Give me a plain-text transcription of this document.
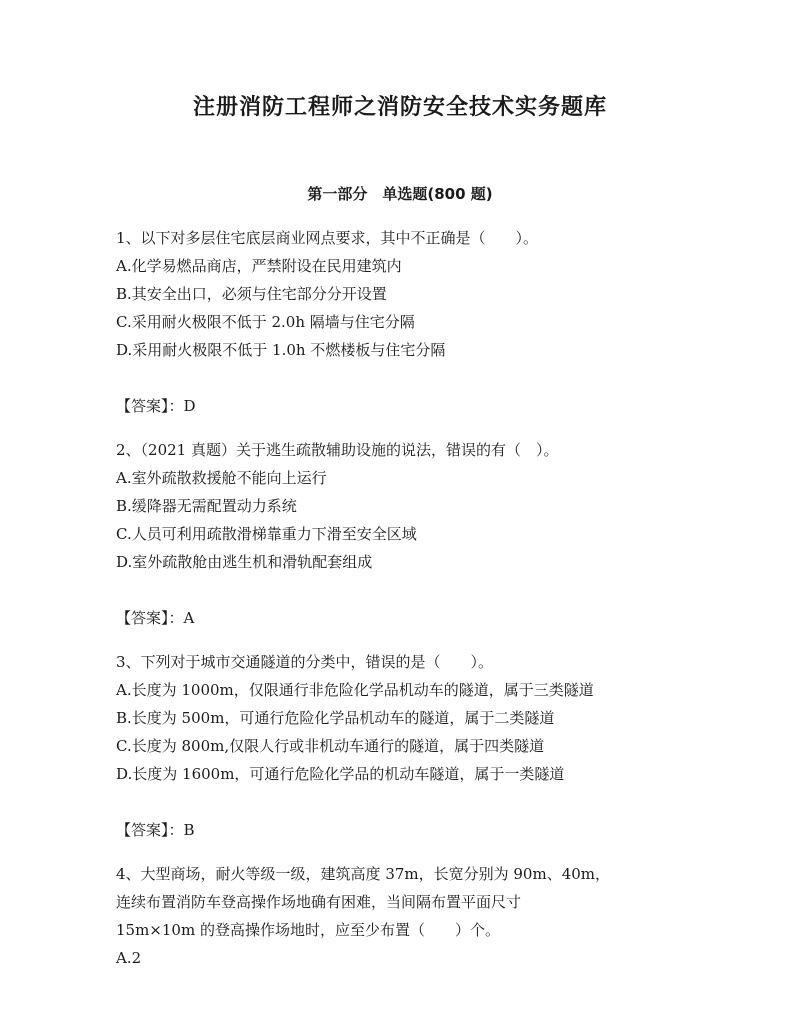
注册消防工程师之消防安全技术实务题库
第一部分　单选题(800 题)
1、以下对多层住宅底层商业网点要求，其中不正确是（　　）。
A.化学易燃品商店，严禁附设在民用建筑内
B.其安全出口，必须与住宅部分分开设置
C.采用耐火极限不低于 2.0h 隔墙与住宅分隔
D.采用耐火极限不低于 1.0h 不燃楼板与住宅分隔
【答案】：D
2、（2021 真题）关于逃生疏散辅助设施的说法，错误的有（　）。
A.室外疏散救援舱不能向上运行
B.缓降器无需配置动力系统
C.人员可利用疏散滑梯靠重力下滑至安全区域
D.室外疏散舱由逃生机和滑轨配套组成
【答案】：A
3、下列对于城市交通隧道的分类中，错误的是（　　）。
A.长度为 1000m，仅限通行非危险化学品机动车的隧道，属于三类隧道
B.长度为 500m，可通行危险化学品机动车的隧道，属于二类隧道
C.长度为 800m,仅限人行或非机动车通行的隧道，属于四类隧道
D.长度为 1600m，可通行危险化学品的机动车隧道，属于一类隧道
【答案】：B
4、大型商场，耐火等级一级，建筑高度 37m，长宽分别为 90m、40m，
连续布置消防车登高操作场地确有困难，当间隔布置平面尺寸
15m×10m 的登高操作场地时，应至少布置（　　）个。
A.2
